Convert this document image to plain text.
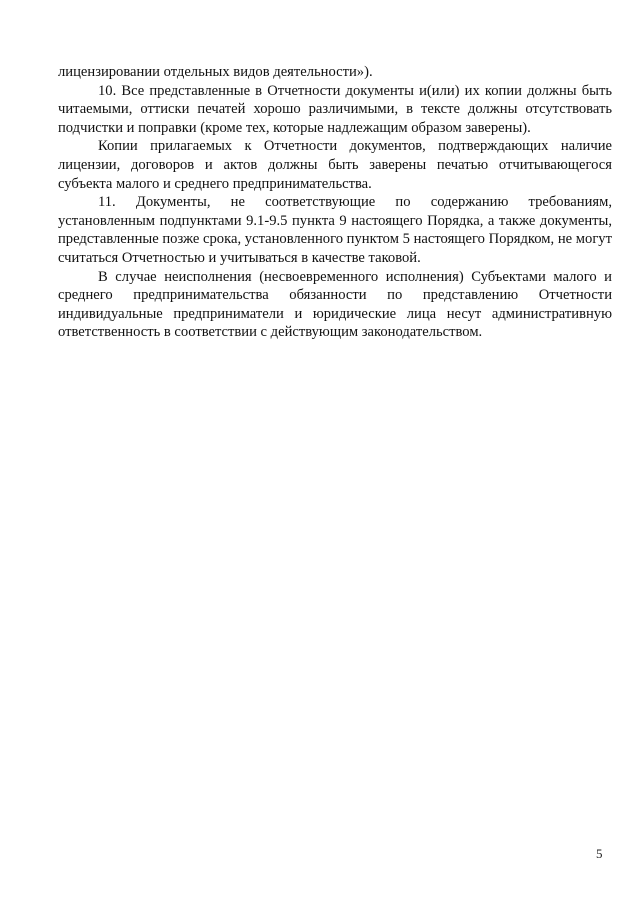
лицензировании отдельных видов деятельности»).

10. Все представленные в Отчетности документы и(или) их копии должны быть читаемыми, оттиски печатей хорошо различимыми, в тексте должны отсутствовать подчистки и поправки (кроме тех, которые надлежащим образом заверены).

Копии прилагаемых к Отчетности документов, подтверждающих наличие лицензии, договоров и актов должны быть заверены печатью отчитывающегося субъекта малого и среднего предпринимательства.

11. Документы, не соответствующие по содержанию требованиям, установленным подпунктами 9.1-9.5 пункта 9 настоящего Порядка, а также документы, представленные позже срока, установленного пунктом 5 настоящего Порядком, не могут считаться Отчетностью и учитываться в качестве таковой.

В случае неисполнения (несвоевременного исполнения) Субъектами малого и среднего предпринимательства обязанности по представлению Отчетности индивидуальные предприниматели и юридические лица несут административную ответственность в соответствии с действующим законодательством.

5
